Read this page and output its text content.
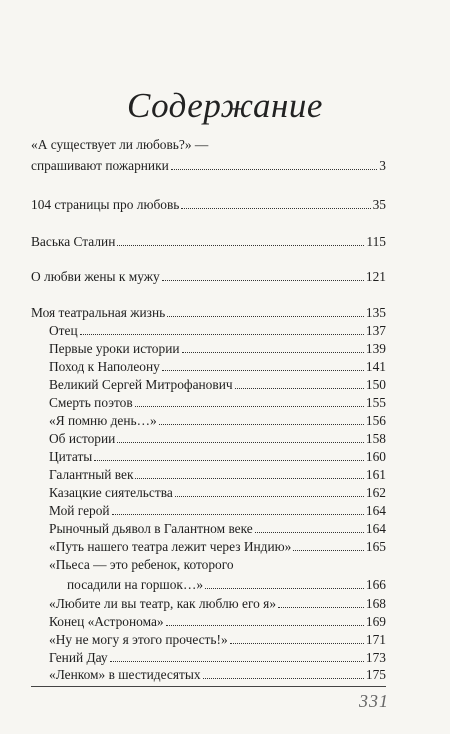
Содержание
«А существует ли любовь?» —
спрашивают пожарники	3
104 страницы про любовь	35
Васька Сталин	115
О любви жены к мужу	121
Моя театральная жизнь	135
Отец	137
Первые уроки истории	139
Поход к Наполеону	141
Великий Сергей Митрофанович	150
Смерть поэтов	155
«Я помню день…»	156
Об истории	158
Цитаты	160
Галантный век	161
Казацкие сиятельства	162
Мой герой	164
Рыночный дьявол в Галантном веке	164
«Путь нашего театра лежит через Индию»	165
«Пьеса — это ребенок, которого
посадили на горшок…»	166
«Любите ли вы театр, как люблю его я»	168
Конец «Астронома»	169
«Ну не могу я этого прочесть!»	171
Гений Дау	173
«Ленком» в шестидесятых	175
331
